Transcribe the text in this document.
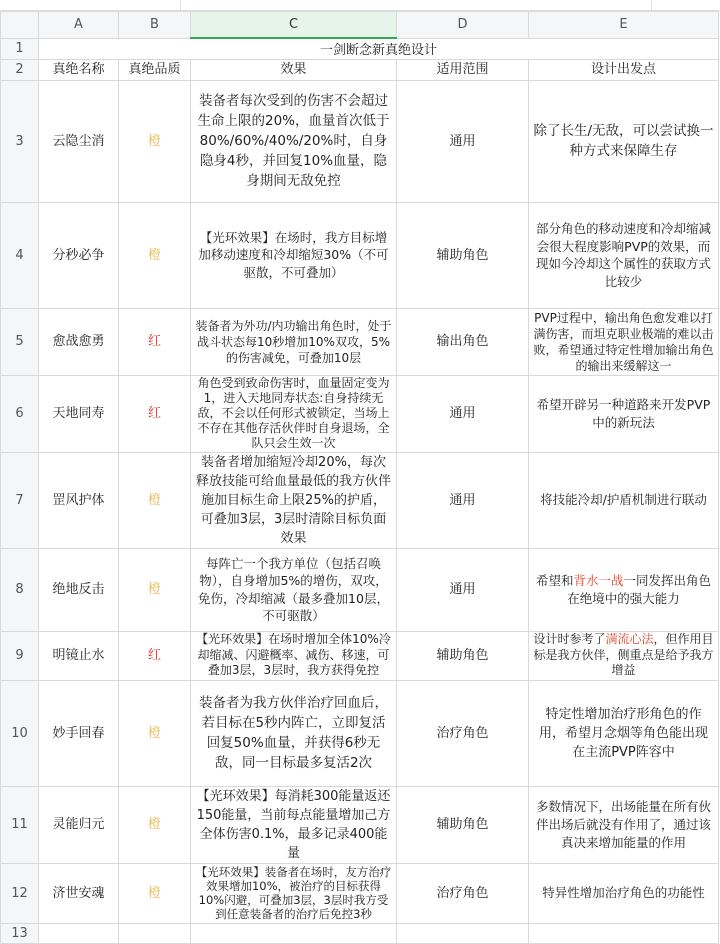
	A	B	C	D	E
1	一剑断念新真绝设计				
2	真绝名称	真绝品质	效果	适用范围	设计出发点
3	云隐尘消	橙	装备者每次受到的伤害不会超过生命上限的20%，血量首次低于80%/60%/40%/20%时，自身隐身4秒，并回复10%血量，隐身期间无敌免控	通用	除了长生/无敌，可以尝试换一种方式来保障生存
4	分秒必争	橙	【光环效果】在场时，我方目标增加移动速度和冷却缩短30%（不可驱散，不可叠加）	辅助角色	部分角色的移动速度和冷却缩减会很大程度影响PVP的效果，而现如今冷却这个属性的获取方式比较少
5	愈战愈勇	红	装备者为外功/内功输出角色时，处于战斗状态每10秒增加10%双攻，5%的伤害减免，可叠加10层	输出角色	PVP过程中，输出角色愈发难以打满伤害，而坦克职业极端的难以击败，希望通过特定性增加输出角色的输出来缓解这一
6	天地同寿	红	角色受到致命伤害时，血量固定变为1，进入天地同寿状态:自身持续无敌，不会以任何形式被锁定，当场上不存在其他存活伙伴时自身退场，全队只会生效一次	通用	希望开辟另一种道路来开发PVP中的新玩法
7	罡风护体	橙	装备者增加缩短冷却20%，每次释放技能可给血量最低的我方伙伴施加目标生命上限25%的护盾，可叠加3层，3层时清除目标负面效果	通用	将技能冷却/护盾机制进行联动
8	绝地反击	橙	每阵亡一个我方单位（包括召唤物），自身增加5%的增伤，双攻，免伤，冷却缩减（最多叠加10层，不可驱散）	通用	希望和背水一战一同发挥出角色在绝境中的强大能力
9	明镜止水	红	【光环效果】在场时增加全体10%冷却缩减、闪避概率、减伤、移速，可叠加3层，3层时，我方获得免控	辅助角色	设计时参考了满流心法，但作用目标是我方伙伴，侧重点是给予我方增益
10	妙手回春	橙	装备者为我方伙伴治疗回血后，若目标在5秒内阵亡，立即复活回复50%血量，并获得6秒无敌，同一目标最多复活2次	治疗角色	特定性增加治疗形角色的作用，希望月念烟等角色能出现在主流PVP阵容中
11	灵能归元	橙	【光环效果】每消耗300能量返还150能量，当前每点能量增加己方全体伤害0.1%，最多记录400能量	辅助角色	多数情况下，出场能量在所有伙伴出场后就没有作用了，通过该真决来增加能量的作用
12	济世安魂	橙	【光环效果】装备者在场时，友方治疗效果增加10%，被治疗的目标获得10%闪避，可叠加3层，3层时我方受到任意装备者的治疗后免控3秒	治疗角色	特异性增加治疗角色的功能性
13					
